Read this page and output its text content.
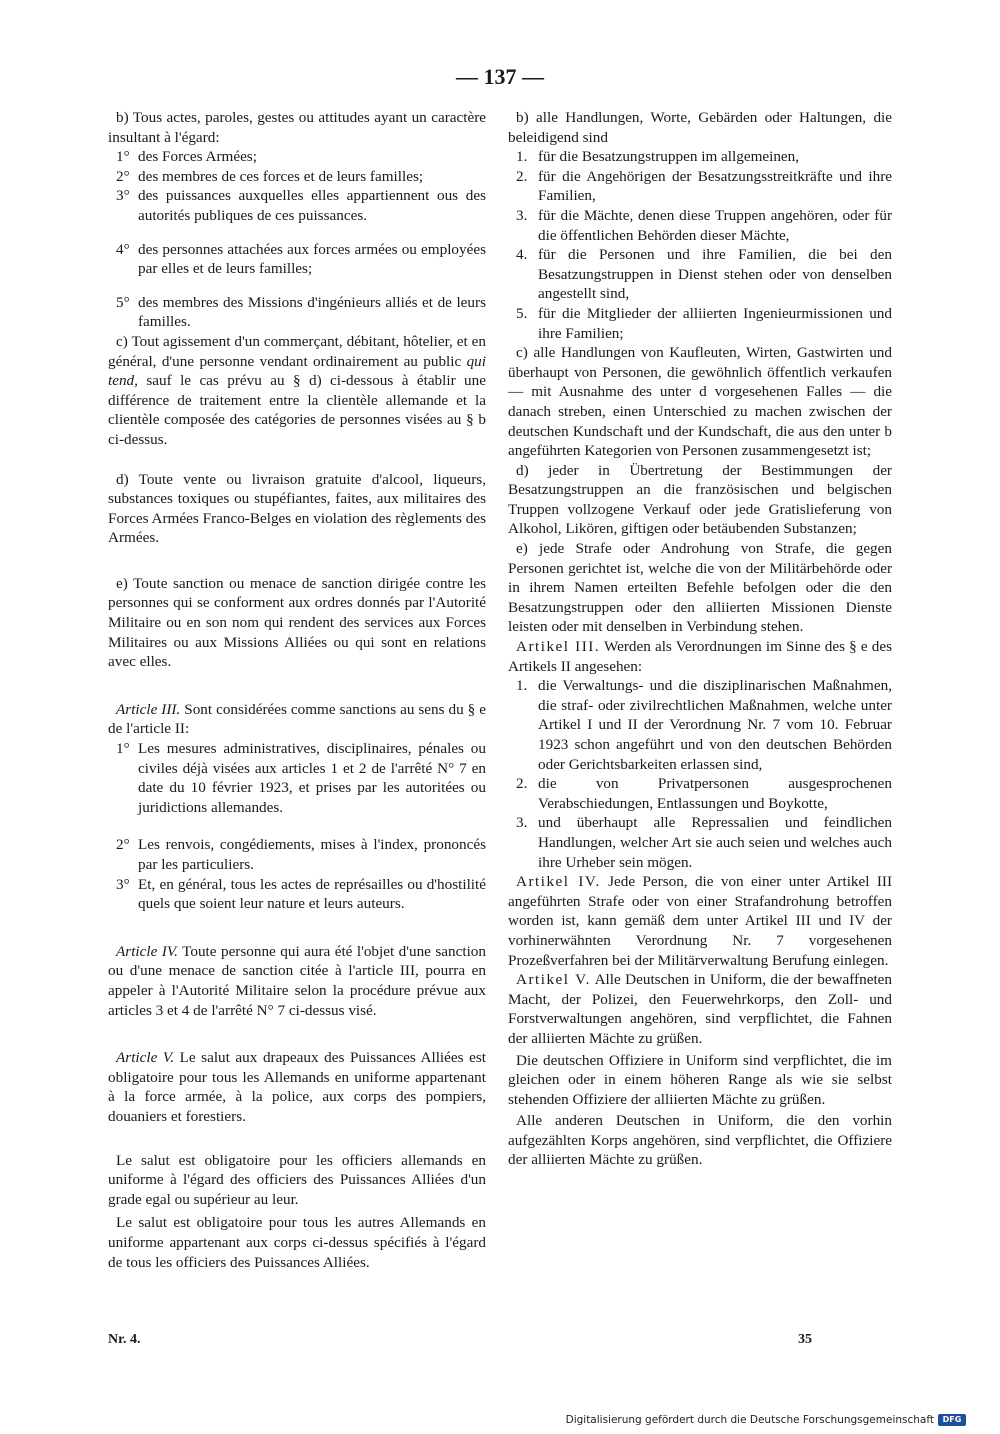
— 137 —

b) Tous actes, paroles, gestes ou attitudes ayant un caractère insultant à l'égard:

1° des Forces Armées;
2° des membres de ces forces et de leurs familles;
3° des puissances auxquelles elles appartiennent ous des autorités publiques de ces puissances.
4° des personnes attachées aux forces armées ou employées par elles et de leurs familles;
5° des membres des Missions d'ingénieurs alliés et de leurs familles.

c) Tout agissement d'un commerçant, débitant, hôtelier, et en général, d'une personne vendant ordinairement au public qui tend, sauf le cas prévu au § d) ci-dessous à établir une différence de traitement entre la clientèle allemande et la clientèle composée des catégories de personnes visées au § b ci-dessus.

d) Toute vente ou livraison gratuite d'alcool, liqueurs, substances toxiques ou stupéfiantes, faites, aux militaires des Forces Armées Franco-Belges en violation des règlements des Armées.

e) Toute sanction ou menace de sanction dirigée contre les personnes qui se conforment aux ordres donnés par l'Autorité Militaire ou en son nom qui rendent des services aux Forces Militaires ou aux Missions Alliées ou qui sont en relations avec elles.

Article III. Sont considérées comme sanctions au sens du § e de l'article II:

1° Les mesures administratives, disciplinaires, pénales ou civiles déjà visées aux articles 1 et 2 de l'arrêté N° 7 en date du 10 février 1923, et prises par les autoritées ou juridictions allemandes.
2° Les renvois, congédiements, mises à l'index, prononcés par les particuliers.
3° Et, en général, tous les actes de représailles ou d'hostilité quels que soient leur nature et leurs auteurs.

Article IV. Toute personne qui aura été l'objet d'une sanction ou d'une menace de sanction citée à l'article III, pourra en appeler à l'Autorité Militaire selon la procédure prévue aux articles 3 et 4 de l'arrêté N° 7 ci-dessus visé.

Article V. Le salut aux drapeaux des Puissances Alliées est obligatoire pour tous les Allemands en uniforme appartenant à la force armée, à la police, aux corps des pompiers, douaniers et forestiers.

Le salut est obligatoire pour les officiers allemands en uniforme à l'égard des officiers des Puissances Alliées d'un grade egal ou supérieur au leur.

Le salut est obligatoire pour tous les autres Allemands en uniforme appartenant aux corps ci-dessus spécifiés à l'égard de tous les officiers des Puissances Alliées.

b) alle Handlungen, Worte, Gebärden oder Haltungen, die beleidigend sind

1. für die Besatzungstruppen im allgemeinen,
2. für die Angehörigen der Besatzungsstreitkräfte und ihre Familien,
3. für die Mächte, denen diese Truppen angehören, oder für die öffentlichen Behörden dieser Mächte,
4. für die Personen und ihre Familien, die bei den Besatzungstruppen in Dienst stehen oder von denselben angestellt sind,
5. für die Mitglieder der alliierten Ingenieurmissionen und ihre Familien;

c) alle Handlungen von Kaufleuten, Wirten, Gastwirten und überhaupt von Personen, die gewöhnlich öffentlich verkaufen — mit Ausnahme des unter d vorgesehenen Falles — die danach streben, einen Unterschied zu machen zwischen der deutschen Kundschaft und der Kundschaft, die aus den unter b angeführten Kategorien von Personen zusammengesetzt ist;

d) jeder in Übertretung der Bestimmungen der Besatzungstruppen an die französischen und belgischen Truppen vollzogene Verkauf oder jede Gratislieferung von Alkohol, Likören, giftigen oder betäubenden Substanzen;

e) jede Strafe oder Androhung von Strafe, die gegen Personen gerichtet ist, welche die von der Militärbehörde oder in ihrem Namen erteilten Befehle befolgen oder die den Besatzungstruppen oder den alliierten Missionen Dienste leisten oder mit denselben in Verbindung stehen.

Artikel III. Werden als Verordnungen im Sinne des § e des Artikels II angesehen:

1. die Verwaltungs- und die disziplinarischen Maßnahmen, die straf- oder zivilrechtlichen Maßnahmen, welche unter Artikel I und II der Verordnung Nr. 7 vom 10. Februar 1923 schon angeführt und von den deutschen Behörden oder Gerichtsbarkeiten erlassen sind,
2. die von Privatpersonen ausgesprochenen Verabschiedungen, Entlassungen und Boykotte,
3. und überhaupt alle Repressalien und feindlichen Handlungen, welcher Art sie auch seien und welches auch ihre Urheber sein mögen.

Artikel IV. Jede Person, die von einer unter Artikel III angeführten Strafe oder von einer Strafandrohung betroffen worden ist, kann gemäß dem unter Artikel III und IV der vorhinerwähnten Verordnung Nr. 7 vorgesehenen Prozeßverfahren bei der Militärverwaltung Berufung einlegen.

Artikel V. Alle Deutschen in Uniform, die der bewaffneten Macht, der Polizei, den Feuerwehrkorps, den Zoll- und Forstverwaltungen angehören, sind verpflichtet, die Fahnen der alliierten Mächte zu grüßen.

Die deutschen Offiziere in Uniform sind verpflichtet, die im gleichen oder in einem höheren Range als wie sie selbst stehenden Offiziere der alliierten Mächte zu grüßen.

Alle anderen Deutschen in Uniform, die den vorhin aufgezählten Korps angehören, sind verpflichtet, die Offiziere der alliierten Mächte zu grüßen.

Nr. 4.	35
Digitalisierung gefördert durch die Deutsche Forschungsgemeinschaft	DFG
